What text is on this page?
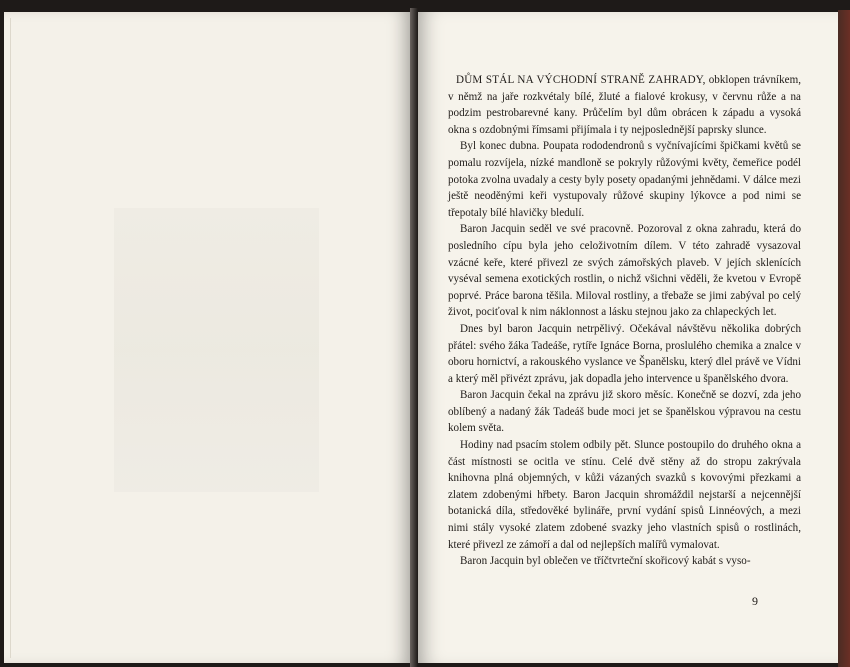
DŮM STÁL NA VÝCHODNÍ STRANĚ ZAHRADY, obklopen trávníkem, v němž na jaře rozkvétaly bílé, žluté a fialové krokusy, v červnu růže a na podzim pestrobarevné kany. Průčelím byl dům obrácen k západu a vysoká okna s ozdobnými římsami přijímala i ty nejposlednější paprsky slunce.

Byl konec dubna. Poupata rododendronů s vyčnívajícími špičkami květů se pomalu rozvíjela, nízké mandloně se pokryly růžovými květy, čemeřice podél potoka zvolna uvadaly a cesty byly posety opadanými jehnědami. V dálce mezi ještě neoděnými keři vystupovaly růžové skupiny lýkovce a pod nimi se třepotaly bílé hlavičky bledulí.

Baron Jacquin seděl ve své pracovně. Pozoroval z okna zahradu, která do posledního cípu byla jeho celoživotním dílem. V této zahradě vysazoval vzácné keře, které přivezl ze svých zámořských plaveb. V jejích sklenících vyséval semena exotických rostlin, o nichž všichni věděli, že kvetou v Evropě poprvé. Práce barona těšila. Miloval rostliny, a třebaže se jimi zabýval po celý život, pociťoval k nim náklonnost a lásku stejnou jako za chlapeckých let.

Dnes byl baron Jacquin netrpělivý. Očekával návštěvu několika dobrých přátel: svého žáka Tadeáše, rytíře Ignáce Borna, proslulého chemika a znalce v oboru hornictví, a rakouského vyslance ve Španělsku, který dlel právě ve Vídni a který měl přivézt zprávu, jak dopadla jeho intervence u španělského dvora.

Baron Jacquin čekal na zprávu již skoro měsíc. Konečně se dozví, zda jeho oblíbený a nadaný žák Tadeáš bude moci jet se španělskou výpravou na cestu kolem světa.

Hodiny nad psacím stolem odbily pět. Slunce postoupilo do druhého okna a část místnosti se ocitla ve stínu. Celé dvě stěny až do stropu zakrývala knihovna plná objemných, v kůži vázaných svazků s kovovými přezkami a zlatem zdobenými hřbety. Baron Jacquin shromáždil nejstarší a nejcennější botanická díla, středověké bylináře, první vydání spisů Linnéových, a mezi nimi stály vysoké zlatem zdobené svazky jeho vlastních spisů o rostlinách, které přivezl ze zámoří a dal od nejlepších malířů vymalovat.

Baron Jacquin byl oblečen ve tříčtvrteční skořicový kabát s vyso-

9
